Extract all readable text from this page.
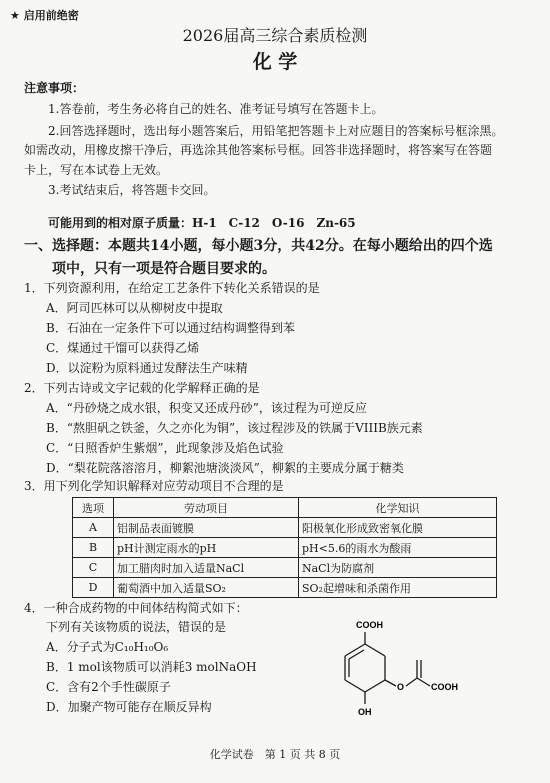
★ 启用前绝密
2026届高三综合素质检测
化 学
注意事项：
1.答卷前，考生务必将自己的姓名、准考证号填写在答题卡上。
2.回答选择题时，选出每小题答案后，用铅笔把答题卡上对应题目的答案标号框涂黑。
如需改动，用橡皮擦干净后，再选涂其他答案标号框。回答非选择题时，将答案写在答题
卡上，写在本试卷上无效。
3.考试结束后，将答题卡交回。
可能用到的相对原子质量：H-1　C-12　O-16　Zn-65
一、选择题：本题共14小题，每小题3分，共42分。在每小题给出的四个选
项中，只有一项是符合题目要求的。
1．下列资源利用，在给定工艺条件下转化关系错误的是
A．阿司匹林可以从柳树皮中提取
B．石油在一定条件下可以通过结构调整得到苯
C．煤通过干馏可以获得乙烯
D．以淀粉为原料通过发酵法生产味精
2．下列古诗或文字记载的化学解释正确的是
A．“丹砂烧之成水银，积变又还成丹砂”，该过程为可逆反应
B．“熬胆矾之铁釜，久之亦化为铜”，该过程涉及的铁属于VIIIB族元素
C．“日照香炉生紫烟”，此现象涉及焰色试验
D．“梨花院落溶溶月，柳絮池塘淡淡风”，柳絮的主要成分属于糖类
3．用下列化学知识解释对应劳动项目不合理的是
选项	劳动项目	化学知识
A	铝制品表面镀膜	阳极氧化形成致密氧化膜
B	pH计测定雨水的pH	pH<5.6的雨水为酸雨
C	加工腊肉时加入适量NaCl	NaCl为防腐剂
D	葡萄酒中加入适量SO₂	SO₂起增味和杀菌作用
4．一种合成药物的中间体结构简式如下：
下列有关该物质的说法，错误的是
A．分子式为C₁₀H₁₀O₆
B．1 mol该物质可以消耗3 molNaOH
C．含有2个手性碳原子
D．加聚产物可能存在顺反异构
COOH
COOH
OH
O
化学试卷　第 1 页 共 8 页
